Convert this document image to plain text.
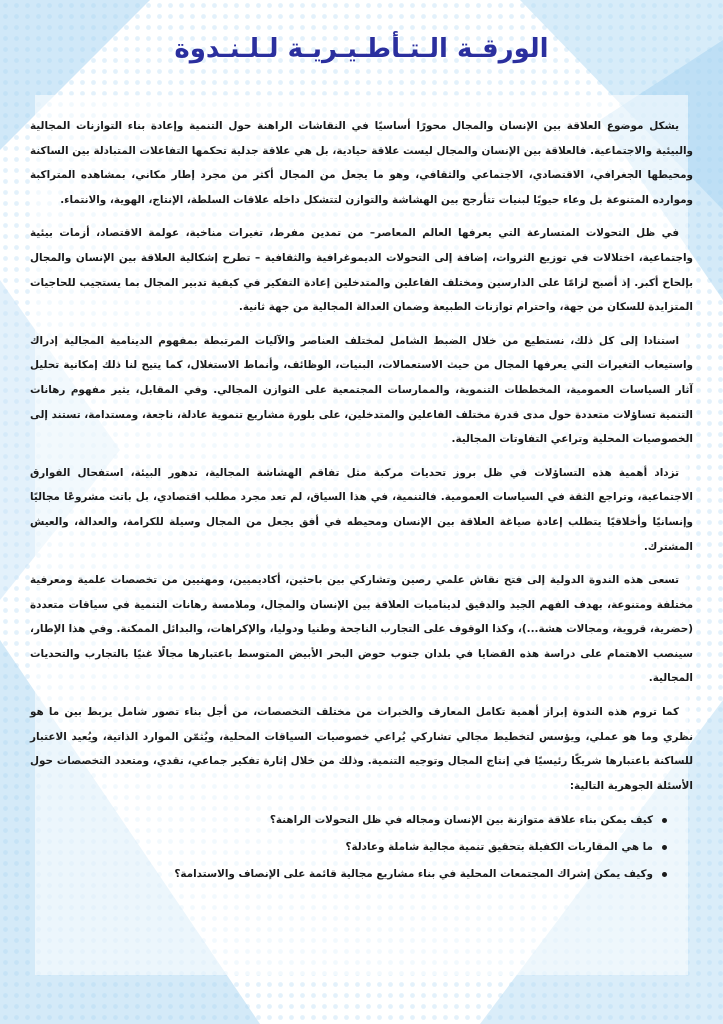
الورقـة الـتـأطـيـريـة لـلـنـدوة

يشكل موضوع العلاقة بين الإنسان والمجال محورًا أساسيًا في النقاشات الراهنة حول التنمية وإعادة بناء التوازنات المجالية والبيئية والاجتماعية. فالعلاقة بين الإنسان والمجال ليست علاقة حيادية، بل هي علاقة جدلية تحكمها التفاعلات المتبادلة بين الساكنة ومحيطها الجغرافي، الاقتصادي، الاجتماعي والثقافي، وهو ما يجعل من المجال أكثر من مجرد إطار مكاني، بمشاهده المتراكبة وموارده المتنوعة بل وعاء حيويًا لبنيات تتأرجح بين الهشاشة والتوازن لتتشكل داخله علاقات السلطة، الإنتاج، الهوية، والانتماء.

في ظل التحولات المتسارعة التي يعرفها العالم المعاصر– من تمدين مفرط، تغيرات مناخية، عولمة الاقتصاد، أزمات بيئية واجتماعية، اختلالات في توزيع الثروات، إضافة إلى التحولات الديموغرافية والثقافية – تطرح إشكالية العلاقة بين الإنسان والمجال بإلحاح أكبر. إذ أصبح لزامًا على الدارسين ومختلف الفاعلين والمتدخلين إعادة التفكير في كيفية تدبير المجال بما يستجيب للحاجيات المتزايدة للسكان من جهة، واحترام توازنات الطبيعة وضمان العدالة المجالية من جهة ثانية.

استنادا إلى كل ذلك، نستطيع من خلال الضبط الشامل لمختلف العناصر والآليات المرتبطة بمفهوم الدينامية المجالية إدراك واستيعاب التغيرات التي يعرفها المجال من حيث الاستعمالات، البنيات، الوظائف، وأنماط الاستغلال، كما يتيح لنا ذلك إمكانية تحليل آثار السياسات العمومية، المخططات التنموية، والممارسات المجتمعية على التوازن المجالي. وفي المقابل، يثير مفهوم رهانات التنمية تساؤلات متعددة حول مدى قدرة مختلف الفاعلين والمتدخلين، على بلورة مشاريع تنموية عادلة، ناجعة، ومستدامة، تستند إلى الخصوصيات المحلية وتراعي التفاوتات المجالية.

تزداد أهمية هذه التساؤلات في ظل بروز تحديات مركبة مثل تفاقم الهشاشة المجالية، تدهور البيئة، استفحال الفوارق الاجتماعية، وتراجع الثقة في السياسات العمومية. فالتنمية، في هذا السياق، لم تعد مجرد مطلب اقتصادي، بل باتت مشروعًا مجاليًا وإنسانيًا وأخلاقيًا يتطلب إعادة صياغة العلاقة بين الإنسان ومحيطه في أفق يجعل من المجال وسيلة للكرامة، والعدالة، والعيش المشترك.

تسعى هذه الندوة الدولية إلى فتح نقاش علمي رصين وتشاركي بين باحثين، أكاديميين، ومهنيين من تخصصات علمية ومعرفية مختلفة ومتنوعة، بهدف الفهم الجيد والدقيق لديناميات العلاقة بين الإنسان والمجال، وملامسة رهانات التنمية في سياقات متعددة (حضرية، قروية، ومجالات هشة...)، وكذا الوقوف على التجارب الناجحة وطنيا ودوليا، والإكراهات، والبدائل الممكنة. وفي هذا الإطار، سينصب الاهتمام على دراسة هذه القضايا في بلدان جنوب حوض البحر الأبيض المتوسط باعتبارها مجالًا غنيًا بالتجارب والتحديات المجالية.

كما تروم هذه الندوة إبراز أهمية تكامل المعارف والخبرات من مختلف التخصصات، من أجل بناء تصور شامل يربط بين ما هو نظري وما هو عملي، ويؤسس لتخطيط مجالي تشاركي يُراعي خصوصيات السياقات المحلية، ويُثمّن الموارد الذاتية، ويُعيد الاعتبار للساكنة باعتبارها شريكًا رئيسيًا في إنتاج المجال وتوجيه التنمية. وذلك من خلال إثارة تفكير جماعي، نقدي، ومتعدد التخصصات حول الأسئلة الجوهرية التالية:

كيف يمكن بناء علاقة متوازنة بين الإنسان ومجاله في ظل التحولات الراهنة؟
ما هي المقاربات الكفيلة بتحقيق تنمية مجالية شاملة وعادلة؟
وكيف يمكن إشراك المجتمعات المحلية في بناء مشاريع مجالية قائمة على الإنصاف والاستدامة؟
